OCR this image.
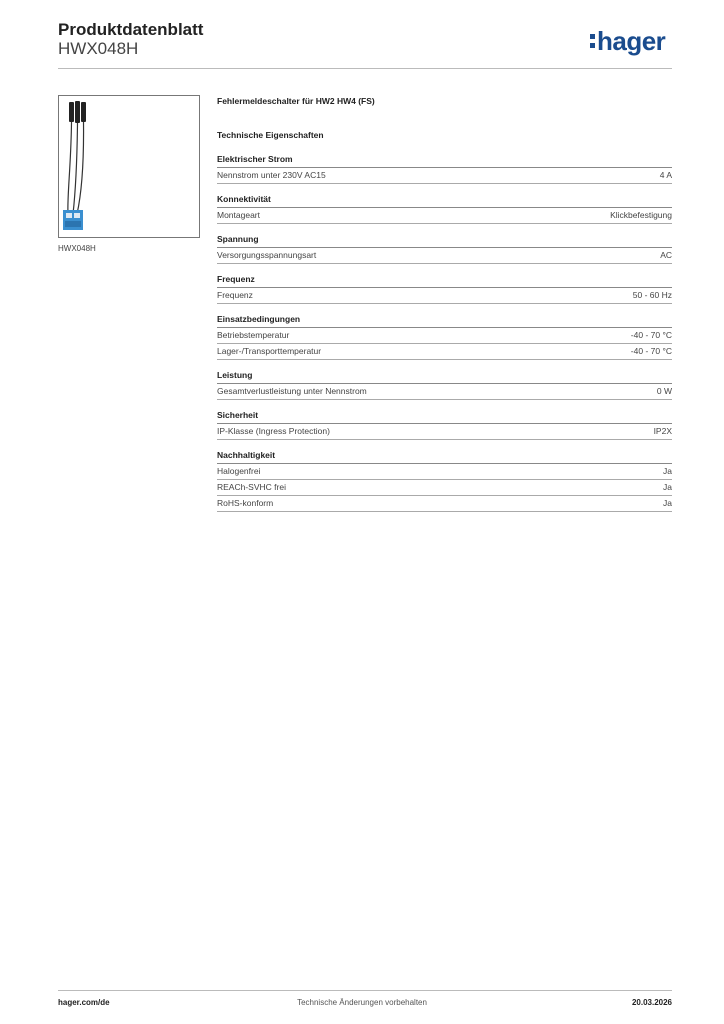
Produktdatenblatt
HWX048H	hager
HWX048H
Fehlermeldeschalter für HW2 HW4 (FS)
Technische Eigenschaften
Elektrischer Strom
Nennstrom unter 230V AC15	4 A
Konnektivität
Montageart	Klickbefestigung
Spannung
Versorgungsspannungsart	AC
Frequenz
Frequenz	50 - 60 Hz
Einsatzbedingungen
Betriebstemperatur	-40 - 70 °C
Lager-/Transporttemperatur	-40 - 70 °C
Leistung
Gesamtverlustleistung unter Nennstrom	0 W
Sicherheit
IP-Klasse (Ingress Protection)	IP2X
Nachhaltigkeit
Halogenfrei	Ja
REACh-SVHC frei	Ja
RoHS-konform	Ja
hager.com/de	Technische Änderungen vorbehalten	20.03.2026
